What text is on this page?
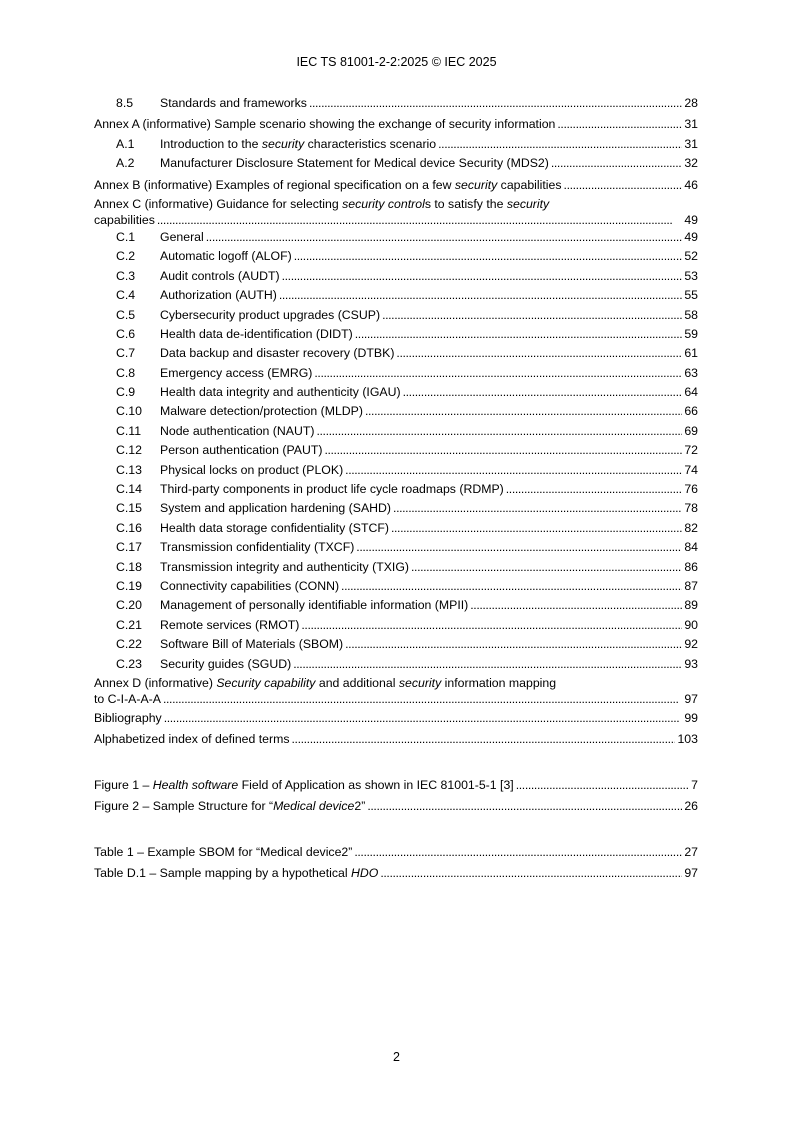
IEC TS 81001-2-2:2025 © IEC 2025
8.5	Standards and frameworks . . .	28
Annex A (informative) Sample scenario showing the exchange of security information . . .	31
A.1	Introduction to the security characteristics scenario . . .	31
A.2	Manufacturer Disclosure Statement for Medical device Security (MDS2) . . .	32
Annex B (informative) Examples of regional specification on a few security capabilities . . .	46
Annex C (informative) Guidance for selecting security controls to satisfy the security
capabilities . . .	49
C.1	General . . .	49
C.2	Automatic logoff (ALOF) . . .	52
C.3	Audit controls (AUDT) . . .	53
C.4	Authorization (AUTH) . . .	55
C.5	Cybersecurity product upgrades (CSUP) . . .	58
C.6	Health data de-identification (DIDT) . . .	59
C.7	Data backup and disaster recovery (DTBK) . . .	61
C.8	Emergency access (EMRG) . . .	63
C.9	Health data integrity and authenticity (IGAU) . . .	64
C.10	Malware detection/protection (MLDP) . . .	66
C.11	Node authentication (NAUT) . . .	69
C.12	Person authentication (PAUT) . . .	72
C.13	Physical locks on product (PLOK) . . .	74
C.14	Third-party components in product life cycle roadmaps (RDMP) . . .	76
C.15	System and application hardening (SAHD) . . .	78
C.16	Health data storage confidentiality (STCF) . . .	82
C.17	Transmission confidentiality (TXCF) . . .	84
C.18	Transmission integrity and authenticity (TXIG) . . .	86
C.19	Connectivity capabilities (CONN) . . .	87
C.20	Management of personally identifiable information (MPII) . . .	89
C.21	Remote services (RMOT) . . .	90
C.22	Software Bill of Materials (SBOM) . . .	92
C.23	Security guides (SGUD) . . .	93
Annex D (informative) Security capability and additional security information mapping
to C-I-A-A-A . . .	97
Bibliography . . .	99
Alphabetized index of defined terms . . .	103
Figure 1 – Health software Field of Application as shown in IEC 81001-5-1 [3] . . .	7
Figure 2 – Sample Structure for “Medical device2” . . .	26
Table 1 – Example SBOM for “Medical device2” . . .	27
Table D.1 – Sample mapping by a hypothetical HDO . . .	97
2
